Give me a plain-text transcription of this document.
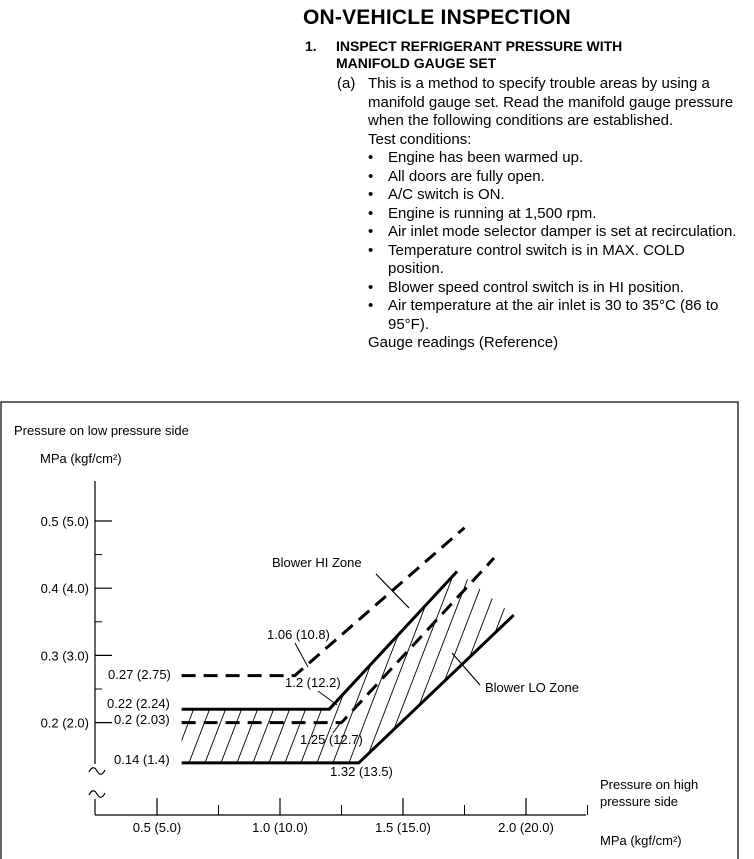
ON-VEHICLE INSPECTION
1. INSPECT REFRIGERANT PRESSURE WITH MANIFOLD GAUGE SET
(a) This is a method to specify trouble areas by using a manifold gauge set. Read the manifold gauge pressure when the following conditions are established.

Test conditions:

• Engine has been warmed up.
• All doors are fully open.
• A/C switch is ON.
• Engine is running at 1,500 rpm.
• Air inlet mode selector damper is set at recirculation.
• Temperature control switch is in MAX. COLD position.
• Blower speed control switch is in HI position.
• Air temperature at the air inlet is 30 to 35°C (86 to 95°F).

Gauge readings (Reference)

Pressure on low pressure side
MPa (kgf/cm²)
Pressure on high
pressure side
MPa (kgf/cm²)
0.5 (5.0)
0.4 (4.0)
0.3 (3.0)
0.2 (2.0)
0.5 (5.0)	1.0 (10.0)	1.5 (15.0)	2.0 (20.0)
Blower HI Zone
Blower LO Zone
0.27 (2.75)
1.06 (10.8)
1.2 (12.2)
0.22 (2.24)
0.2 (2.03)
1.25 (12.7)
0.14 (1.4)
1.32 (13.5)
